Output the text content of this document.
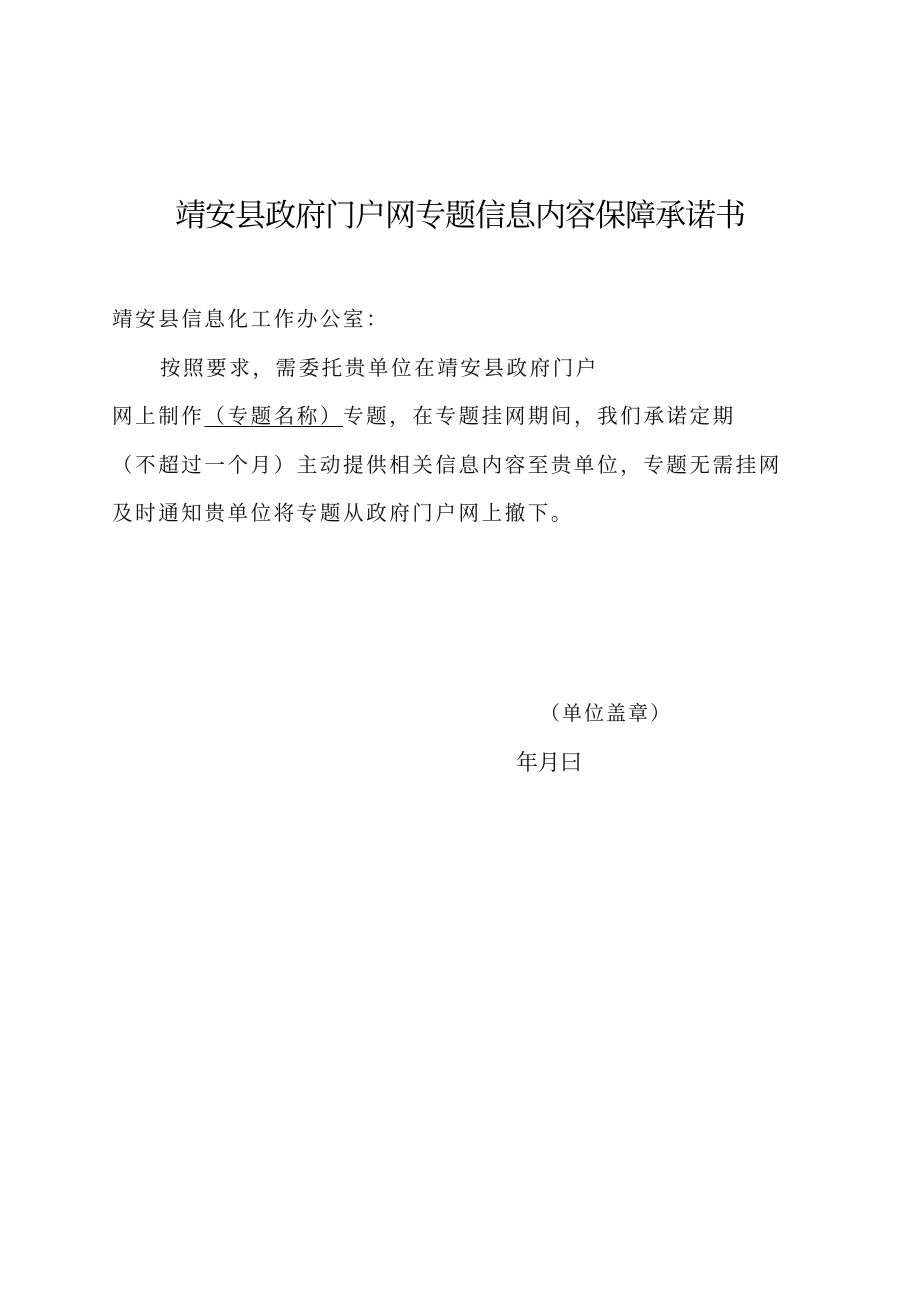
靖安县政府门户网专题信息内容保障承诺书
靖安县信息化工作办公室：
按照要求，需委托贵单位在靖安县政府门户
网上制作（专题名称）专题，在专题挂网期间，我们承诺定期
（不超过一个月）主动提供相关信息内容至贵单位，专题无需挂网
及时通知贵单位将专题从政府门户网上撤下。
（单位盖章）
年月曰
